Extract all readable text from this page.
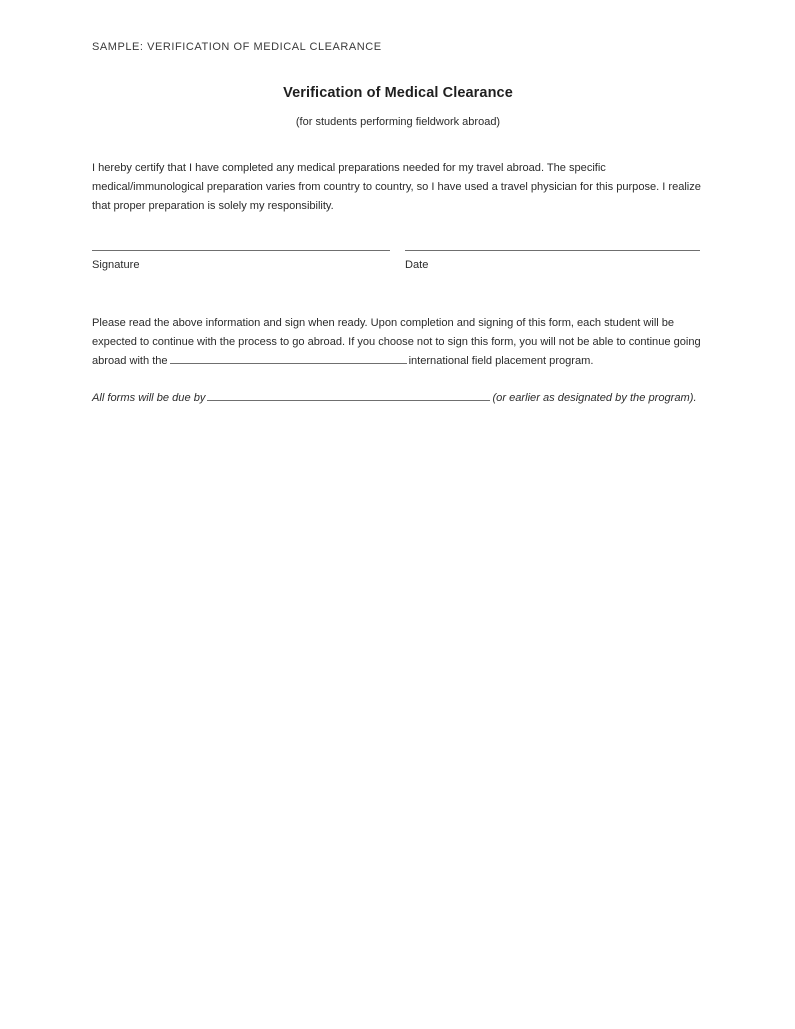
SAMPLE: VERIFICATION OF MEDICAL CLEARANCE
Verification of Medical Clearance
(for students performing fieldwork abroad)

I hereby certify that I have completed any medical preparations needed for my travel abroad. The specific medical/immunological preparation varies from country to country, so I have used a travel physician for this purpose. I realize that proper preparation is solely my responsibility.

Signature	Date

Please read the above information and sign when ready. Upon completion and signing of this form, each student will be expected to continue with the process to go abroad. If you choose not to sign this form, you will not be able to continue going abroad with the	international field placement program.

All forms will be due by	(or earlier as designated by the program).
